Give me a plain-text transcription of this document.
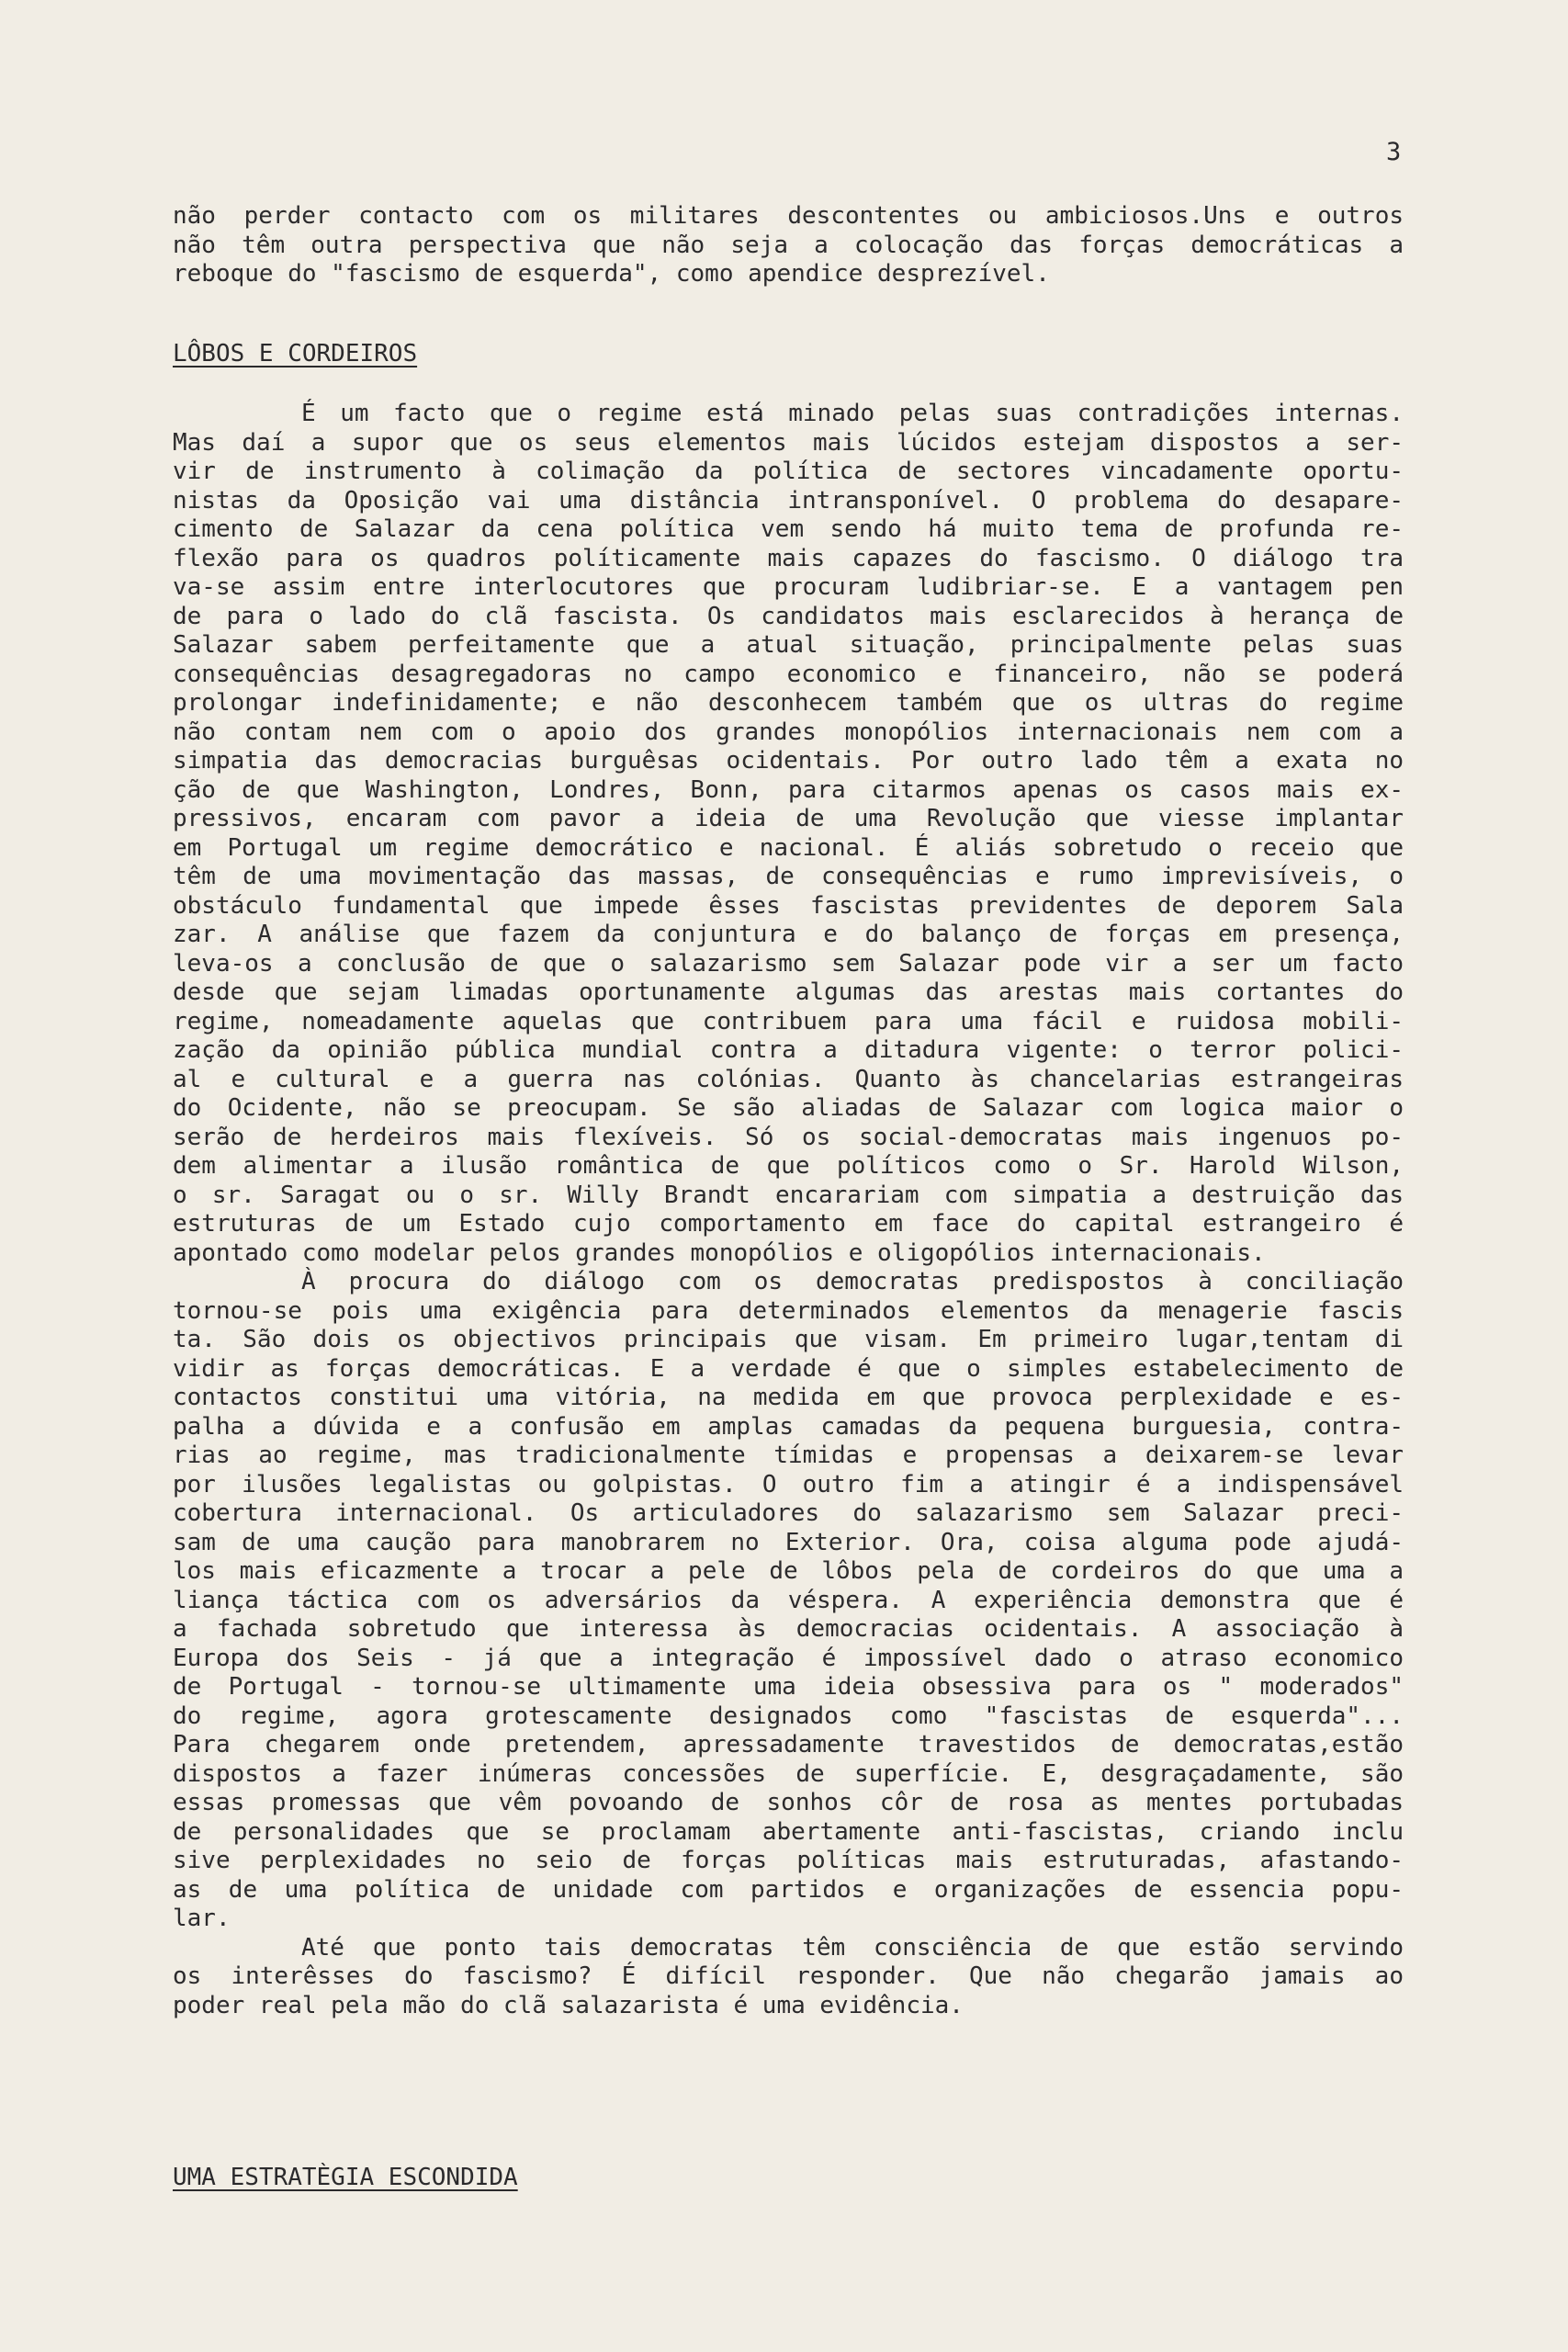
3
não perder contacto com os militares descontentes ou ambiciosos.Uns e outros
não têm outra perspectiva que não seja a colocação das forças democráticas a
reboque do "fascismo de esquerda", como apendice desprezível.
LÔBOS E CORDEIROS
É um facto que o regime está minado pelas suas contradições internas.
Mas daí a supor que os seus elementos mais lúcidos estejam dispostos a ser-
vir de instrumento à colimação da política de sectores vincadamente oportu-
nistas da Oposição vai uma distância intransponível. O problema do desapare-
cimento de Salazar da cena política vem sendo há muito tema de profunda re-
flexão para os quadros políticamente mais capazes do fascismo. O diálogo tra
va-se assim entre interlocutores que procuram ludibriar-se. E a vantagem pen
de para o lado do clã fascista. Os candidatos mais esclarecidos à herança de
Salazar sabem perfeitamente que a atual situação, principalmente pelas suas
consequências desagregadoras no campo economico e financeiro, não se poderá
prolongar indefinidamente; e não desconhecem também que os ultras do regime
não contam nem com o apoio dos grandes monopólios internacionais nem com a
simpatia das democracias burguêsas ocidentais. Por outro lado têm a exata no
ção de que Washington, Londres, Bonn, para citarmos apenas os casos mais ex-
pressivos, encaram com pavor a ideia de uma Revolução que viesse implantar
em Portugal um regime democrático e nacional. É aliás sobretudo o receio que
têm de uma movimentação das massas, de consequências e rumo imprevisíveis, o
obstáculo fundamental que impede êsses fascistas previdentes de deporem Sala
zar. A análise que fazem da conjuntura e do balanço de forças em presença,
leva-os a conclusão de que o salazarismo sem Salazar pode vir a ser um facto
desde que sejam limadas oportunamente algumas das arestas mais cortantes do
regime, nomeadamente aquelas que contribuem para uma fácil e ruidosa mobili-
zação da opinião pública mundial contra a ditadura vigente: o terror polici-
al e cultural e a guerra nas colónias. Quanto às chancelarias estrangeiras
do Ocidente, não se preocupam. Se são aliadas de Salazar com logica maior o
serão de herdeiros mais flexíveis. Só os social-democratas mais ingenuos po-
dem alimentar a ilusão romântica de que políticos como o Sr. Harold Wilson,
o sr. Saragat ou o sr. Willy Brandt encarariam com simpatia a destruição das
estruturas de um Estado cujo comportamento em face do capital estrangeiro é
apontado como modelar pelos grandes monopólios e oligopólios internacionais.
À procura do diálogo com os democratas predispostos à conciliação
tornou-se pois uma exigência para determinados elementos da menagerie fascis
ta. São dois os objectivos principais que visam. Em primeiro lugar,tentam di
vidir as forças democráticas. E a verdade é que o simples estabelecimento de
contactos constitui uma vitória, na medida em que provoca perplexidade e es-
palha a dúvida e a confusão em amplas camadas da pequena burguesia, contra-
rias ao regime, mas tradicionalmente tímidas e propensas a deixarem-se levar
por ilusões legalistas ou golpistas. O outro fim a atingir é a indispensável
cobertura internacional. Os articuladores do salazarismo sem Salazar preci-
sam de uma caução para manobrarem no Exterior. Ora, coisa alguma pode ajudá-
los mais eficazmente a trocar a pele de lôbos pela de cordeiros do que uma a
liança táctica com os adversários da véspera. A experiência demonstra que é
a fachada sobretudo que interessa às democracias ocidentais. A associação à
Europa dos Seis - já que a integração é impossível dado o atraso economico
de Portugal - tornou-se ultimamente uma ideia obsessiva para os " moderados"
do regime, agora grotescamente designados como "fascistas de esquerda"...
Para chegarem onde pretendem, apressadamente travestidos de democratas,estão
dispostos a fazer inúmeras concessões de superfície. E, desgraçadamente, são
essas promessas que vêm povoando de sonhos côr de rosa as mentes portubadas
de personalidades que se proclamam abertamente anti-fascistas, criando inclu
sive perplexidades no seio de forças políticas mais estruturadas, afastando-
as de uma política de unidade com partidos e organizações de essencia popu-
lar.
Até que ponto tais democratas têm consciência de que estão servindo
os interêsses do fascismo? É difícil responder. Que não chegarão jamais ao
poder real pela mão do clã salazarista é uma evidência.
UMA ESTRATÈGIA ESCONDIDA
